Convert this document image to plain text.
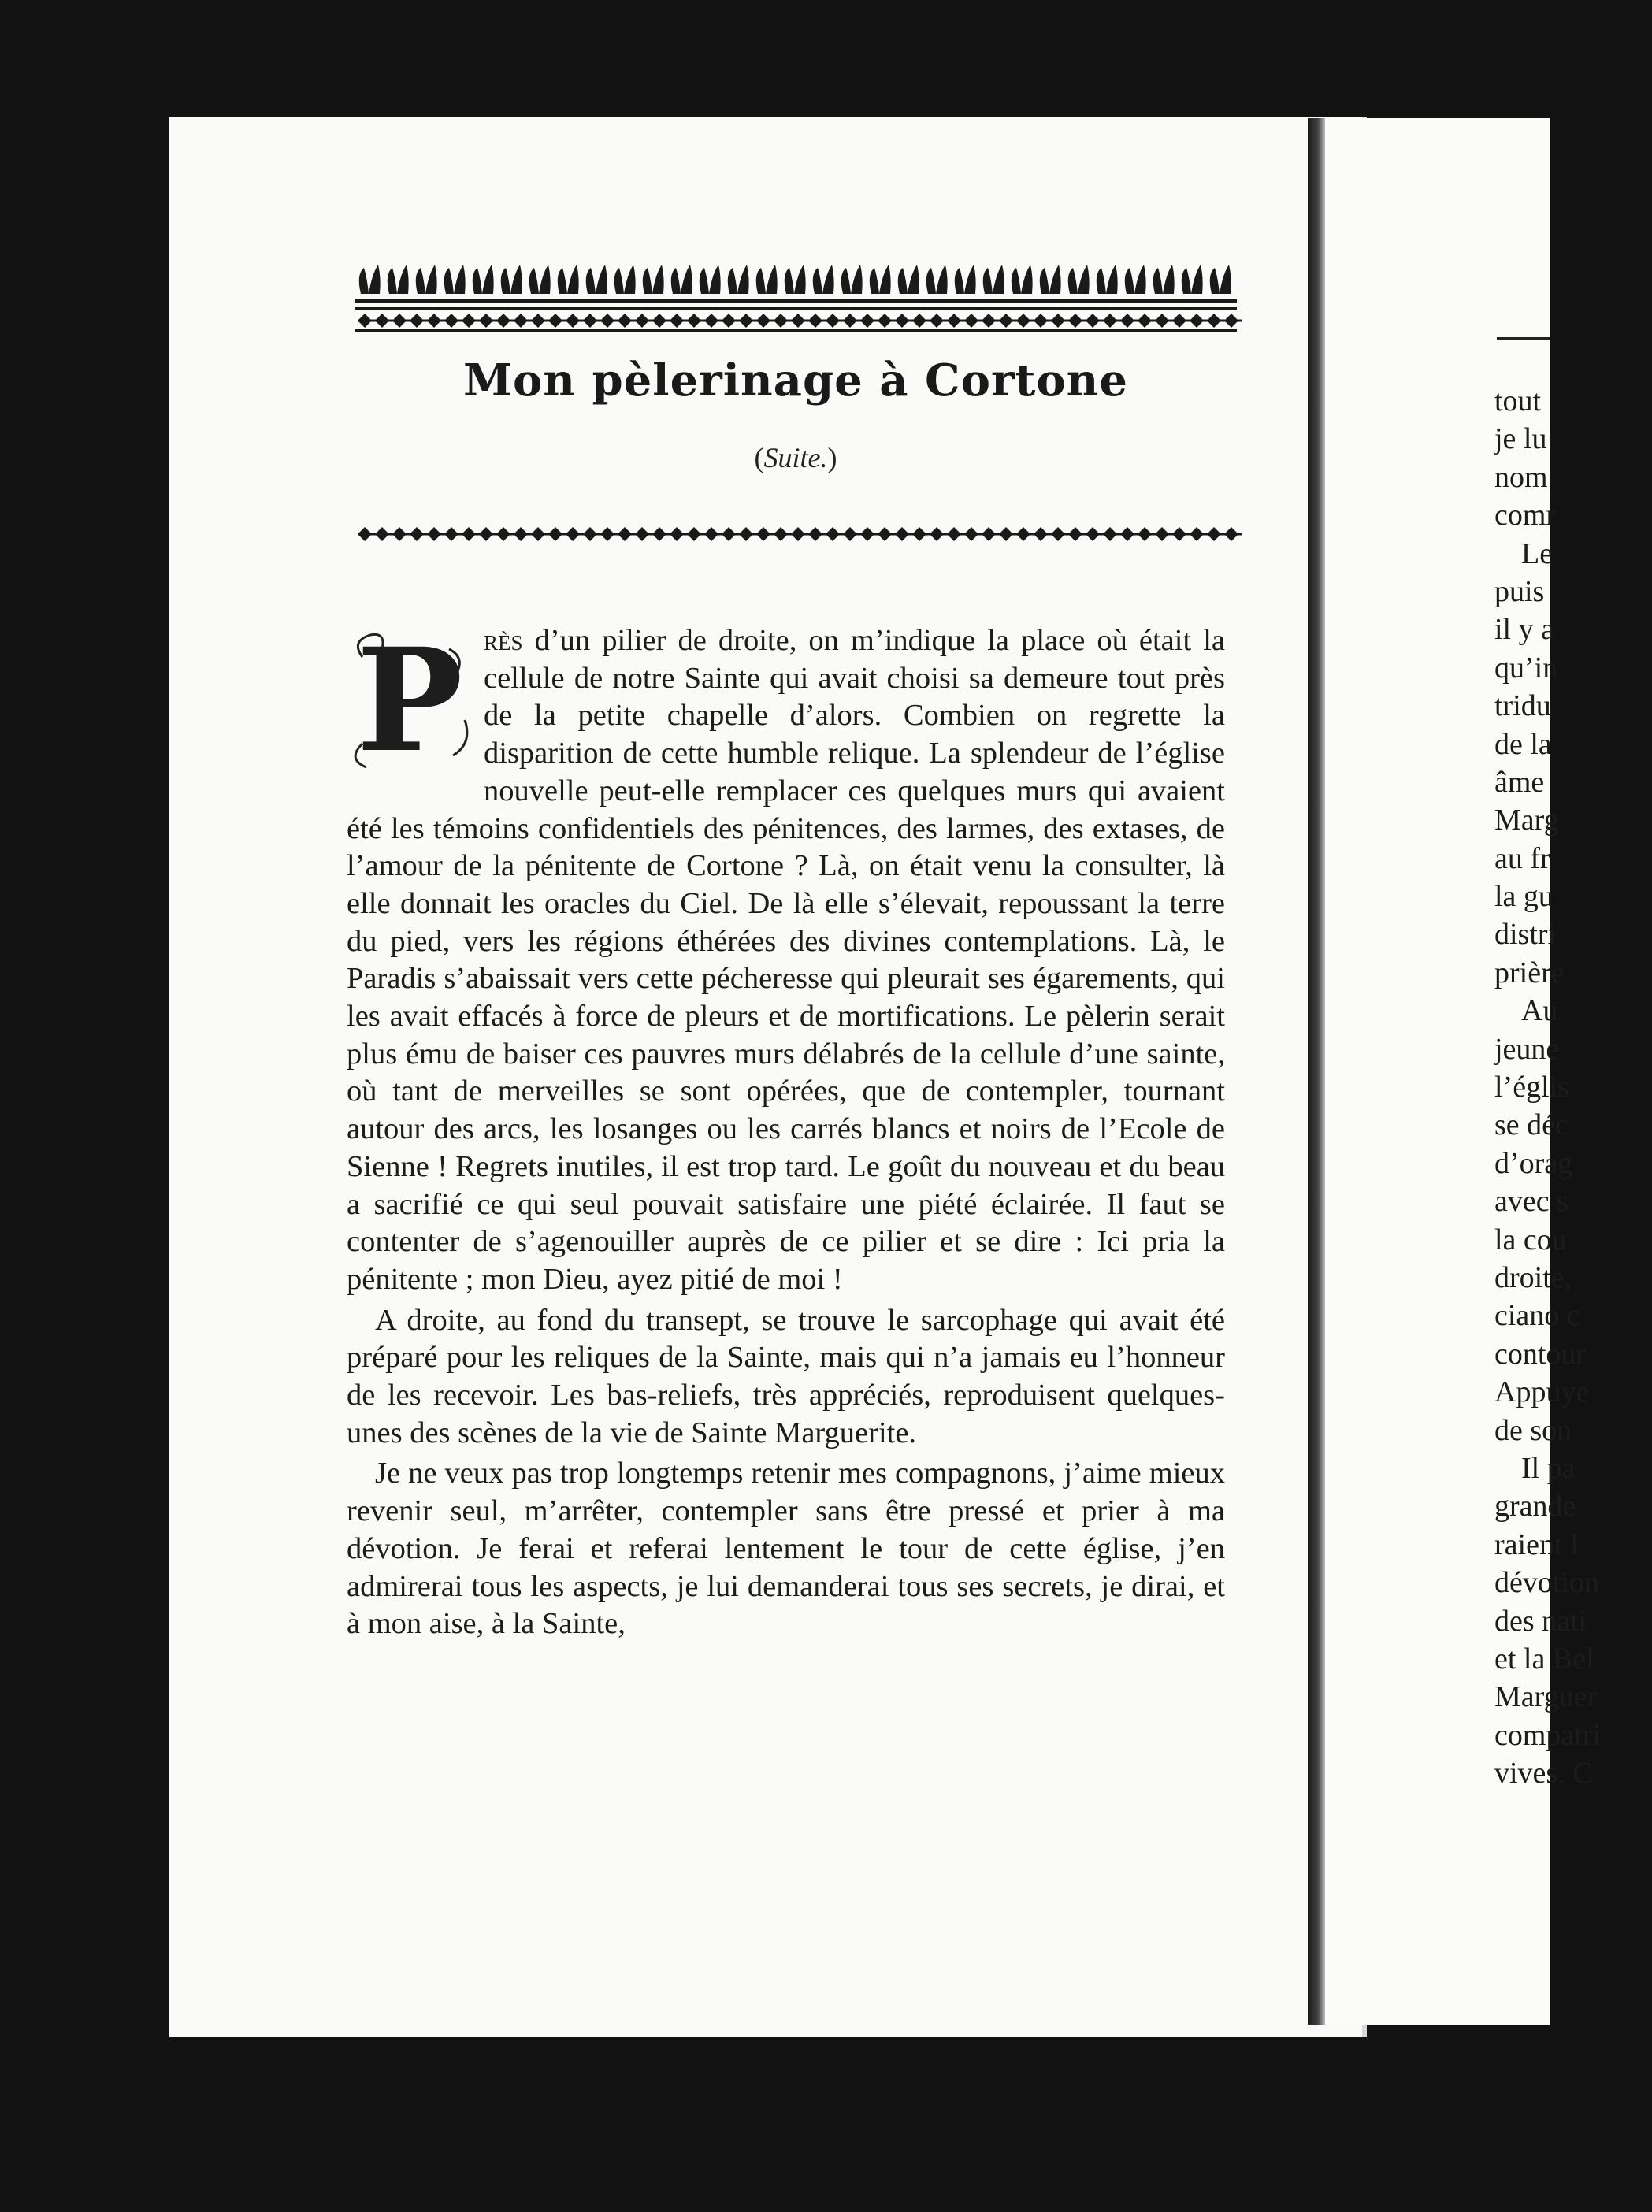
Mon pèlerinage à Cortone
(Suite.)

P rès d’un pilier de droite, on m’indique la place où était la cellule de notre Sainte qui avait choisi sa demeure tout près de la petite chapelle d’alors. Combien on regrette la disparition de cette humble relique. La splendeur de l’église nouvelle peut-elle remplacer ces quelques murs qui avaient été les témoins confidentiels des pénitences, des larmes, des extases, de l’amour de la pénitente de Cortone ? Là, on était venu la consulter, là elle donnait les oracles du Ciel. De là elle s’élevait, repoussant la terre du pied, vers les régions éthérées des divines contemplations. Là, le Paradis s’abaissait vers cette pécheresse qui pleurait ses égarements, qui les avait effacés à force de pleurs et de mortifications. Le pèlerin serait plus ému de baiser ces pauvres murs délabrés de la cellule d’une sainte, où tant de merveilles se sont opérées, que de contempler, tournant autour des arcs, les losanges ou les carrés blancs et noirs de l’Ecole de Sienne ! Regrets inutiles, il est trop tard. Le goût du nouveau et du beau a sacrifié ce qui seul pouvait satisfaire une piété éclairée. Il faut se contenter de s’agenouiller auprès de ce pilier et se dire : Ici pria la pénitente ; mon Dieu, ayez pitié de moi !

A droite, au fond du transept, se trouve le sarcophage qui avait été préparé pour les reliques de la Sainte, mais qui n’a jamais eu l’honneur de les recevoir. Les bas-reliefs, très appréciés, reproduisent quelques-unes des scènes de la vie de Sainte Marguerite.

Je ne veux pas trop longtemps retenir mes compagnons, j’aime mieux revenir seul, m’arrêter, contempler sans être pressé et prier à ma dévotion. Je ferai et referai lentement le tour de cette église, j’en admirerai tous les aspects, je lui demanderai tous ses secrets, je dirai, et à mon aise, à la Sainte,

tout
je lu
nom
comr
Le
puis
il y a
qu’in
tridu
de la
âme
Marg
au fr
la gu
distri
prière
Au
jeune
l’églis
se déc
d’orag
avec s
la cou
droite,
ciano c
contour
Appuye
de son
Il pa
grande
raient l
dévotion
des nati
et la Bel
Marguer
compatri
vives. C
